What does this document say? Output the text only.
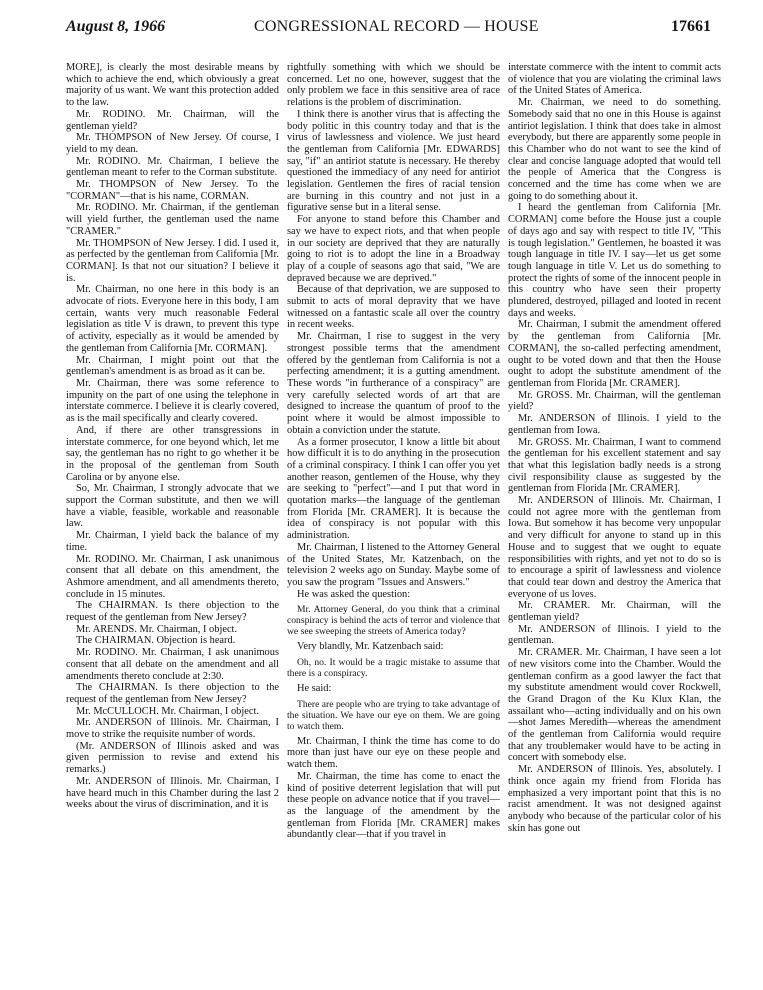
August 8, 1966	CONGRESSIONAL RECORD — HOUSE	17661

MORE], is clearly the most desirable means by which to achieve the end, which obviously a great majority of us want. We want this protection added to the law.

Mr. RODINO. Mr. Chairman, will the gentleman yield?

Mr. THOMPSON of New Jersey. Of course, I yield to my dean.

Mr. RODINO. Mr. Chairman, I believe the gentleman meant to refer to the Corman substitute.

Mr. THOMPSON of New Jersey. To the "CORMAN"—that is his name, CORMAN.

Mr. RODINO. Mr. Chairman, if the gentleman will yield further, the gentleman used the name "CRAMER."

Mr. THOMPSON of New Jersey. I did. I used it, as perfected by the gentleman from California [Mr. CORMAN]. Is that not our situation? I believe it is.

Mr. Chairman, no one here in this body is an advocate of riots. Everyone here in this body, I am certain, wants very much reasonable Federal legislation as title V is drawn, to prevent this type of activity, especially as it would be amended by the gentleman from California [Mr. CORMAN].

Mr. Chairman, I might point out that the gentleman's amendment is as broad as it can be.

Mr. Chairman, there was some reference to impunity on the part of one using the telephone in interstate commerce. I believe it is clearly covered, as is the mail specifically and clearly covered.

And, if there are other transgressions in interstate commerce, for one beyond which, let me say, the gentleman has no right to go whether it be in the proposal of the gentleman from South Carolina or by anyone else.

So, Mr. Chairman, I strongly advocate that we support the Corman substitute, and then we will have a viable, feasible, workable and reasonable law.

Mr. Chairman, I yield back the balance of my time.

Mr. RODINO. Mr. Chairman, I ask unanimous consent that all debate on this amendment, the Ashmore amendment, and all amendments thereto, conclude in 15 minutes.

The CHAIRMAN. Is there objection to the request of the gentleman from New Jersey?

Mr. ARENDS. Mr. Chairman, I object.

The CHAIRMAN. Objection is heard.

Mr. RODINO. Mr. Chairman, I ask unanimous consent that all debate on the amendment and all amendments thereto conclude at 2:30.

The CHAIRMAN. Is there objection to the request of the gentleman from New Jersey?

Mr. McCULLOCH. Mr. Chairman, I object.

Mr. ANDERSON of Illinois. Mr. Chairman, I move to strike the requisite number of words.

(Mr. ANDERSON of Illinois asked and was given permission to revise and extend his remarks.)

Mr. ANDERSON of Illinois. Mr. Chairman, I have heard much in this Chamber during the last 2 weeks about the virus of discrimination, and it is

rightfully something with which we should be concerned. Let no one, however, suggest that the only problem we face in this sensitive area of race relations is the problem of discrimination.

I think there is another virus that is affecting the body politic in this country today and that is the virus of lawlessness and violence. We just heard the gentleman from California [Mr. EDWARDS] say, "if" an antiriot statute is necessary. He thereby questioned the immediacy of any need for antiriot legislation. Gentlemen the fires of racial tension are burning in this country and not just in a figurative sense but in a literal sense.

For anyone to stand before this Chamber and say we have to expect riots, and that when people in our society are deprived that they are naturally going to riot is to adopt the line in a Broadway play of a couple of seasons ago that said, "We are depraved because we are deprived."

Because of that deprivation, we are supposed to submit to acts of moral depravity that we have witnessed on a fantastic scale all over the country in recent weeks.

Mr. Chairman, I rise to suggest in the very strongest possible terms that the amendment offered by the gentleman from California is not a perfecting amendment; it is a gutting amendment. These words "in furtherance of a conspiracy" are very carefully selected words of art that are designed to increase the quantum of proof to the point where it would be almost impossible to obtain a conviction under the statute.

As a former prosecutor, I know a little bit about how difficult it is to do anything in the prosecution of a criminal conspiracy. I think I can offer you yet another reason, gentlemen of the House, why they are seeking to "perfect"—and I put that word in quotation marks—the language of the gentleman from Florida [Mr. CRAMER]. It is because the idea of conspiracy is not popular with this administration.

Mr. Chairman, I listened to the Attorney General of the United States, Mr. Katzenbach, on the television 2 weeks ago on Sunday. Maybe some of you saw the program "Issues and Answers."

He was asked the question:

Mr. Attorney General, do you think that a criminal conspiracy is behind the acts of terror and violence that we see sweeping the streets of America today?

Very blandly, Mr. Katzenbach said:

Oh, no. It would be a tragic mistake to assume that there is a conspiracy.

He said:

There are people who are trying to take advantage of the situation. We have our eye on them. We are going to watch them.

Mr. Chairman, I think the time has come to do more than just have our eye on these people and watch them.

Mr. Chairman, the time has come to enact the kind of positive deterrent legislation that will put these people on advance notice that if you travel—as the language of the amendment by the gentleman from Florida [Mr. CRAMER] makes abundantly clear—that if you travel in

interstate commerce with the intent to commit acts of violence that you are violating the criminal laws of the United States of America.

Mr. Chairman, we need to do something. Somebody said that no one in this House is against antiriot legislation. I think that does take in almost everybody, but there are apparently some people in this Chamber who do not want to see the kind of clear and concise language adopted that would tell the people of America that the Congress is concerned and the time has come when we are going to do something about it.

I heard the gentleman from California [Mr. CORMAN] come before the House just a couple of days ago and say with respect to title IV, "This is tough legislation." Gentlemen, he boasted it was tough language in title IV. I say—let us get some tough language in title V. Let us do something to protect the rights of some of the innocent people in this country who have seen their property plundered, destroyed, pillaged and looted in recent days and weeks.

Mr. Chairman, I submit the amendment offered by the gentleman from California [Mr. CORMAN], the so-called perfecting amendment, ought to be voted down and that then the House ought to adopt the substitute amendment of the gentleman from Florida [Mr. CRAMER].

Mr. GROSS. Mr. Chairman, will the gentleman yield?

Mr. ANDERSON of Illinois. I yield to the gentleman from Iowa.

Mr. GROSS. Mr. Chairman, I want to commend the gentleman for his excellent statement and say that what this legislation badly needs is a strong civil responsibility clause as suggested by the gentleman from Florida [Mr. CRAMER].

Mr. ANDERSON of Illinois. Mr. Chairman, I could not agree more with the gentleman from Iowa. But somehow it has become very unpopular and very difficult for anyone to stand up in this House and to suggest that we ought to equate responsibilities with rights, and yet not to do so is to encourage a spirit of lawlessness and violence that could tear down and destroy the America that everyone of us loves.

Mr. CRAMER. Mr. Chairman, will the gentleman yield?

Mr. ANDERSON of Illinois. I yield to the gentleman.

Mr. CRAMER. Mr. Chairman, I have seen a lot of new visitors come into the Chamber. Would the gentleman confirm as a good lawyer the fact that my substitute amendment would cover Rockwell, the Grand Dragon of the Ku Klux Klan, the assailant who—acting individually and on his own—shot James Meredith—whereas the amendment of the gentleman from California would require that any troublemaker would have to be acting in concert with somebody else.

Mr. ANDERSON of Illinois. Yes, absolutely. I think once again my friend from Florida has emphasized a very important point that this is no racist amendment. It was not designed against anybody who because of the particular color of his skin has gone out
